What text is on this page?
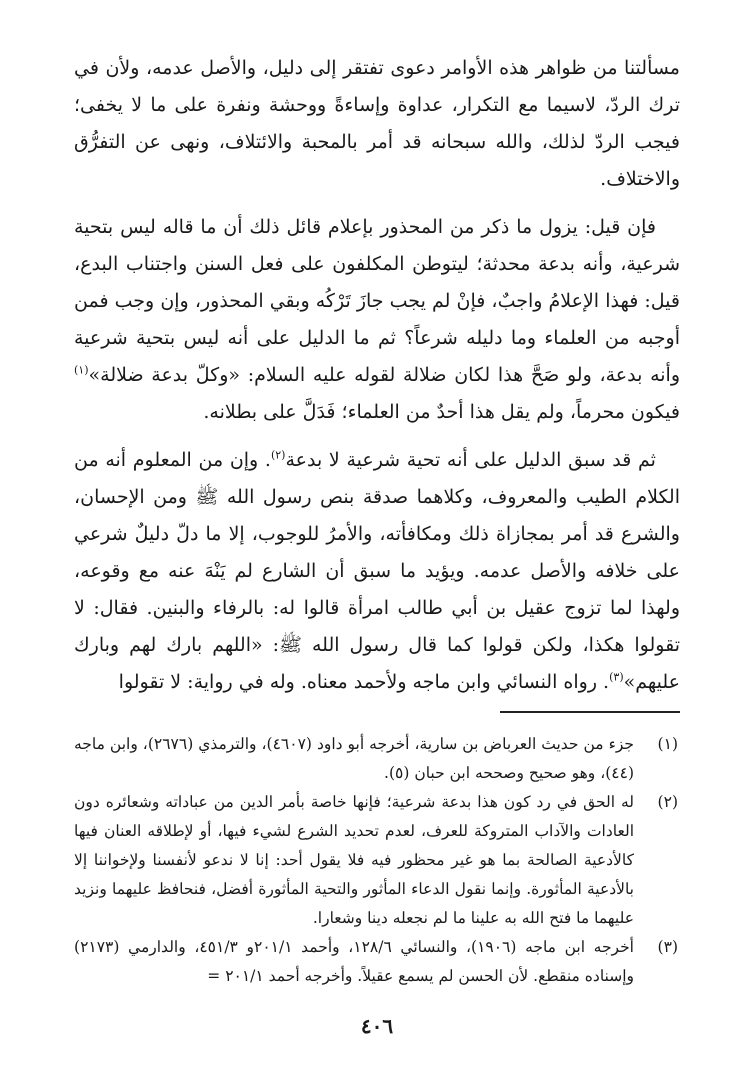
مسألتنا من ظواهر هذه الأوامر دعوى تفتقر إلى دليل، والأصل عدمه، ولأن في ترك الردّ، لاسيما مع التكرار، عداوة وإساءةً ووحشة ونفرة على ما لا يخفى؛ فيجب الردّ لذلك، والله سبحانه قد أمر بالمحبة والائتلاف، ونهى عن التفرُّق والاختلاف.

فإن قيل: يزول ما ذكر من المحذور بإعلام قائل ذلك أن ما قاله ليس بتحية شرعية، وأنه بدعة محدثة؛ ليتوطن المكلفون على فعل السنن واجتناب البدع، قيل: فهذا الإعلامُ واجبٌ، فإنْ لم يجب جازَ تَرْكُه وبقي المحذور، وإن وجب فمن أوجبه من العلماء وما دليله شرعاً؟ ثم ما الدليل على أنه ليس بتحية شرعية وأنه بدعة، ولو صَحَّ هذا لكان ضلالة لقوله عليه السلام: «وكلّ بدعة ضلالة»$^{(١)}$ فيكون محرماً، ولم يقل هذا أحدٌ من العلماء؛ فَدَلَّ على بطلانه.

ثم قد سبق الدليل على أنه تحية شرعية لا بدعة$^{(٢)}$. وإن من المعلوم أنه من الكلام الطيب والمعروف، وكلاهما صدقة بنص رسول الله ﷺ ومن الإحسان، والشرع قد أمر بمجازاة ذلك ومكافأته، والأمرُ للوجوب، إلا ما دلّ دليلٌ شرعي على خلافه والأصل عدمه. ويؤيد ما سبق أن الشارع لم يَنْهَ عنه مع وقوعه، ولهذا لما تزوج عقيل بن أبي طالب امرأة قالوا له: بالرفاء والبنين. فقال: لا تقولوا هكذا، ولكن قولوا كما قال رسول الله ﷺ: «اللهم بارك لهم وبارك عليهم»$^{(٣)}$. رواه النسائي وابن ماجه ولأحمد معناه. وله في رواية: لا تقولوا

(١)
جزء من حديث العرباض بن سارية، أخرجه أبو داود (٤٦٠٧)، والترمذي (٢٦٧٦)، وابن ماجه (٤٤)، وهو صحيح وصححه ابن حبان (٥).
(٢)
له الحق في رد كون هذا بدعة شرعية؛ فإنها خاصة بأمر الدين من عباداته وشعائره دون العادات والآداب المتروكة للعرف، لعدم تحديد الشرع لشيء فيها، أو لإطلاقه العنان فيها كالأدعية الصالحة بما هو غير محظور فيه فلا يقول أحد: إنا لا ندعو لأنفسنا ولإخواننا إلا بالأدعية المأثورة. وإنما نقول الدعاء المأثور والتحية المأثورة أفضل، فنحافظ عليهما ونزيد عليهما ما فتح الله به علينا ما لم نجعله دينا وشعارا.
(٣)
أخرجه ابن ماجه (١٩٠٦)، والنسائي ١٢٨/٦، وأحمد ٢٠١/١و ٤٥١/٣، والدارمي (٢١٧٣) وإسناده منقطع. لأن الحسن لم يسمع عقيلاً. وأخرجه أحمد ٢٠١/١ =
٤٠٦
